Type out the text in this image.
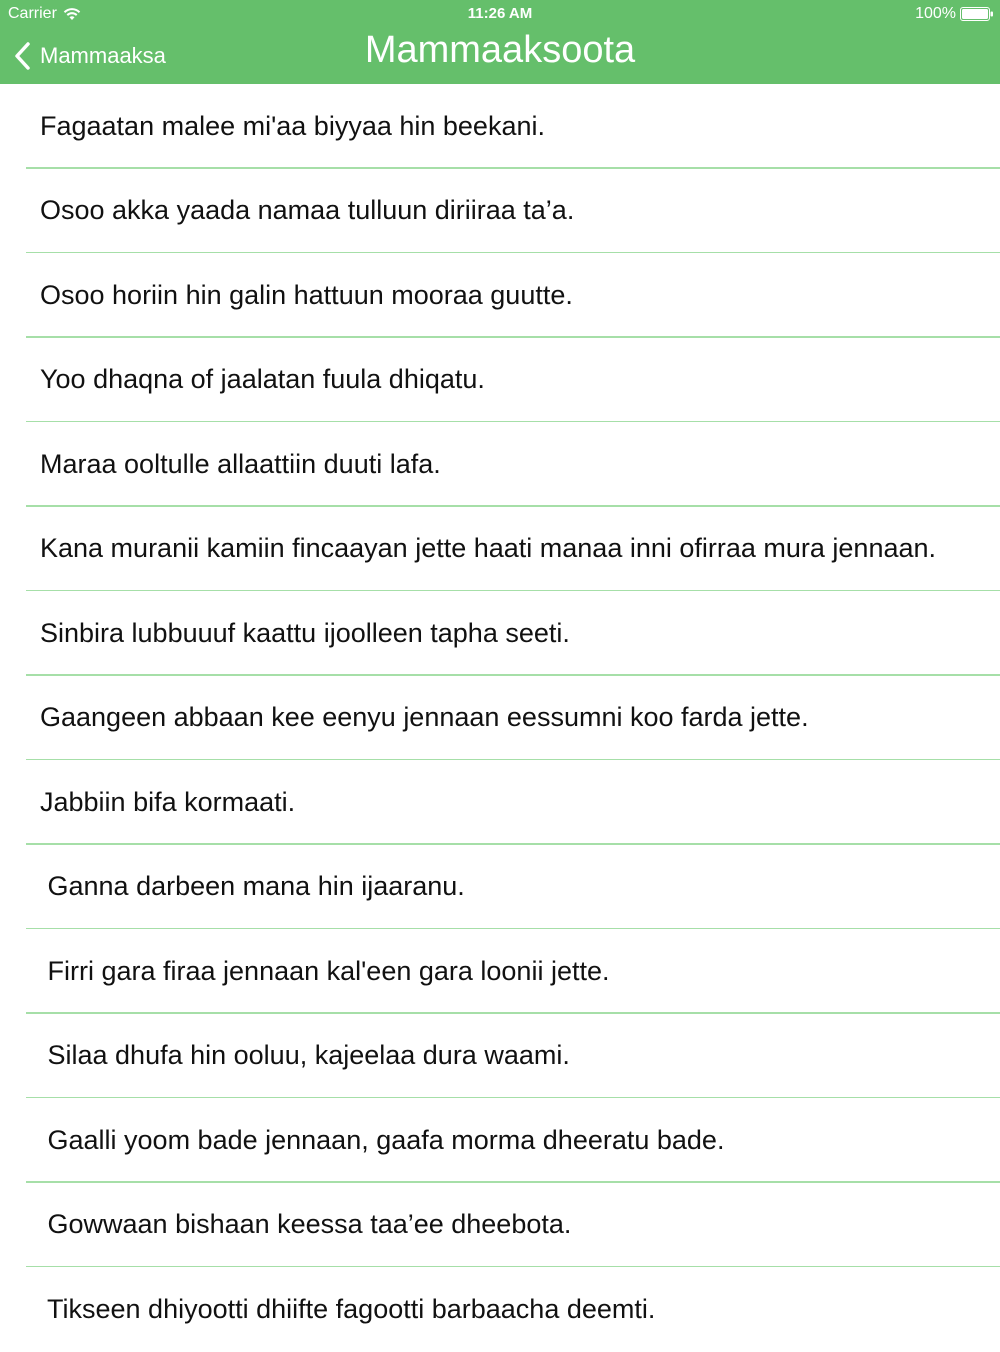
Carrier	11:26 AM	100%
Mammaaksa	Mammaaksoota
Fagaatan malee mi'aa biyyaa hin beekani.
Osoo akka yaada namaa tulluun diriiraa ta’a.
Osoo horiin hin galin hattuun mooraa guutte.
Yoo dhaqna of jaalatan fuula dhiqatu.
Maraa ooltulle allaattiin duuti lafa.
Kana muranii kamiin fincaayan jette haati manaa inni ofirraa mura jennaan.
Sinbira lubbuuuf kaattu ijoolleen tapha seeti.
Gaangeen abbaan kee eenyu jennaan eessumni koo farda jette.
Jabbiin bifa kormaati.
Ganna darbeen mana hin ijaaranu.
Firri gara firaa jennaan kal'een gara loonii jette.
Silaa dhufa hin ooluu, kajeelaa dura waami.
Gaalli yoom bade jennaan, gaafa morma dheeratu bade.
Gowwaan bishaan keessa taa’ee dheebota.
Tikseen dhiyootti dhiifte fagootti barbaacha deemti.
